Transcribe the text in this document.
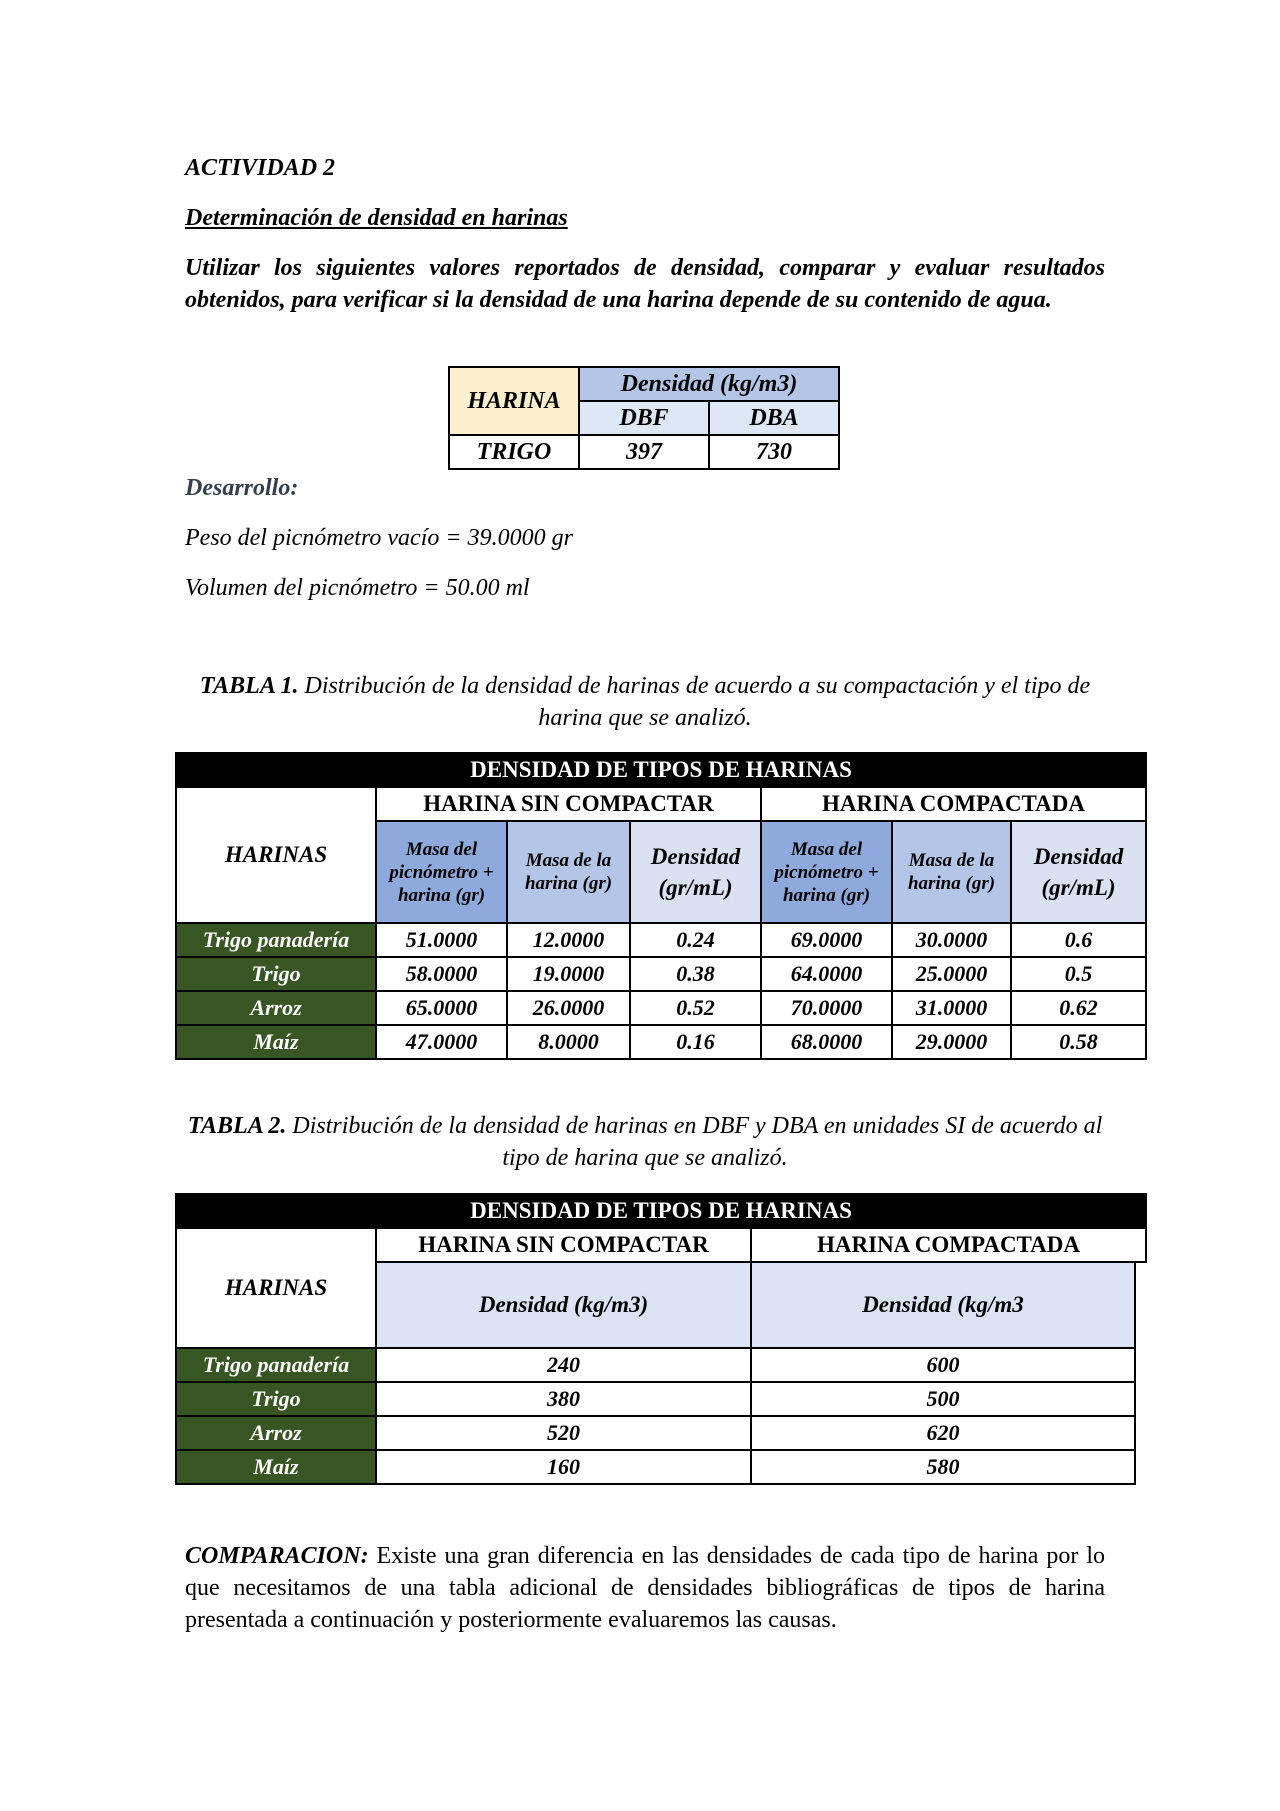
ACTIVIDAD 2

Determinación de densidad en harinas

Utilizar los siguientes valores reportados de densidad, comparar y evaluar resultados obtenidos, para verificar si la densidad de una harina depende de su contenido de agua.

HARINA	Densidad (kg/m3)	
	DBF	DBA
TRIGO	397	730

Desarrollo:

Peso del picnómetro vacío = 39.0000 gr

Volumen del picnómetro = 50.00 ml

TABLA 1. Distribución de la densidad de harinas de acuerdo a su compactación y el tipo de harina que se analizó.

DENSIDAD DE TIPOS DE HARINAS						
HARINAS	HARINA SIN COMPACTAR			HARINA COMPACTADA		
	Masa del picnómetro + harina (gr)	Masa de la harina (gr)	Densidad (gr/mL)	Masa del picnómetro + harina (gr)	Masa de la harina (gr)	Densidad (gr/mL)
Trigo panadería	51.0000	12.0000	0.24	69.0000	30.0000	0.6
Trigo	58.0000	19.0000	0.38	64.0000	25.0000	0.5
Arroz	65.0000	26.0000	0.52	70.0000	31.0000	0.62
Maíz	47.0000	8.0000	0.16	68.0000	29.0000	0.58

TABLA 2. Distribución de la densidad de harinas en DBF y DBA en unidades SI de acuerdo al tipo de harina que se analizó.

DENSIDAD DE TIPOS DE HARINAS			
HARINAS	HARINA SIN COMPACTAR	HARINA COMPACTADA	
	Densidad (kg/m3)	Densidad (kg/m3	
Trigo panadería	240	600	
Trigo	380	500	
Arroz	520	620	
Maíz	160	580	

COMPARACION: Existe una gran diferencia en las densidades de cada tipo de harina por lo que necesitamos de una tabla adicional de densidades bibliográficas de tipos de harina presentada a continuación y posteriormente evaluaremos las causas.
